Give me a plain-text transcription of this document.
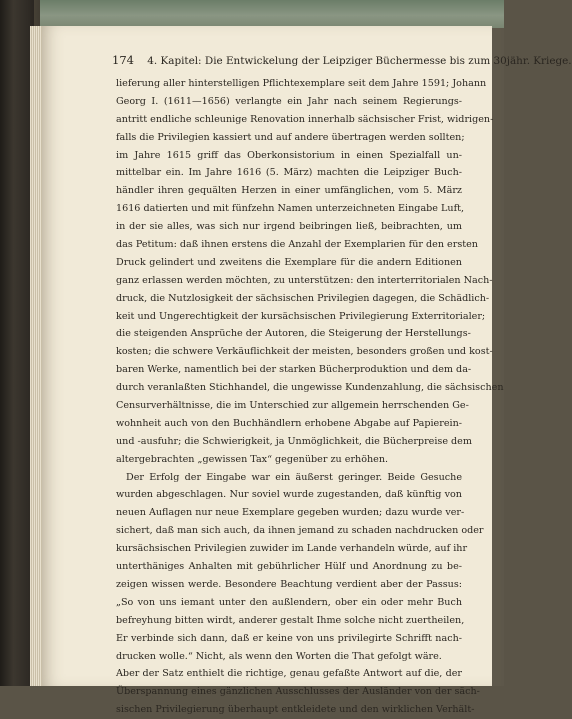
174 4. Kapitel: Die Entwickelung der Leipziger Büchermesse bis zum 30jähr. Kriege.
lieferung aller hinterstelligen Pflichtexemplare seit dem Jahre 1591; Johann
Georg I. (1611—1656) verlangte ein Jahr nach seinem Regierungs-
antritt endliche schleunige Renovation innerhalb sächsischer Frist, widrigen-
falls die Privilegien kassiert und auf andere übertragen werden sollten;
im Jahre 1615 griff das Oberkonsistorium in einen Spezialfall un-
mittelbar ein. Im Jahre 1616 (5. März) machten die Leipziger Buch-
händler ihren gequälten Herzen in einer umfänglichen, vom 5. März
1616 datierten und mit fünfzehn Namen unterzeichneten Eingabe Luft,
in der sie alles, was sich nur irgend beibringen ließ, beibrachten, um
das Petitum: daß ihnen erstens die Anzahl der Exemplarien für den ersten
Druck gelindert und zweitens die Exemplare für die andern Editionen
ganz erlassen werden möchten, zu unterstützen: den interterritorialen Nach-
druck, die Nutzlosigkeit der sächsischen Privilegien dagegen, die Schädlich-
keit und Ungerechtigkeit der kursächsischen Privilegierung Exterritorialer;
die steigenden Ansprüche der Autoren, die Steigerung der Herstellungs-
kosten; die schwere Verkäuflichkeit der meisten, besonders großen und kost-
baren Werke, namentlich bei der starken Bücherproduktion und dem da-
durch veranlaßten Stichhandel, die ungewisse Kundenzahlung, die sächsischen
Censurverhältnisse, die im Unterschied zur allgemein herrschenden Ge-
wohnheit auch von den Buchhändlern erhobene Abgabe auf Papierein-
und -ausfuhr; die Schwierigkeit, ja Unmöglichkeit, die Bücherpreise dem
altergebrachten „gewissen Tax“ gegenüber zu erhöhen.
Der Erfolg der Eingabe war ein äußerst geringer. Beide Gesuche
wurden abgeschlagen. Nur soviel wurde zugestanden, daß künftig von
neuen Auflagen nur neue Exemplare gegeben wurden; dazu wurde ver-
sichert, daß man sich auch, da ihnen jemand zu schaden nachdrucken oder
kursächsischen Privilegien zuwider im Lande verhandeln würde, auf ihr
unterthäniges Anhalten mit gebührlicher Hülf und Anordnung zu be-
zeigen wissen werde. Besondere Beachtung verdient aber der Passus:
„So von uns iemant unter den außlendern, ober ein oder mehr Buch
befreyhung bitten wirdt, anderer gestalt Ihme solche nicht zuertheilen,
Er verbinde sich dann, daß er keine von uns privilegirte Schrifft nach-
drucken wolle.“ Nicht, als wenn den Worten die That gefolgt wäre.
Aber der Satz enthielt die richtige, genau gefaßte Antwort auf die, der
Überspannung eines gänzlichen Ausschlusses der Ausländer von der säch-
sischen Privilegierung überhaupt entkleidete und den wirklichen Verhält-
